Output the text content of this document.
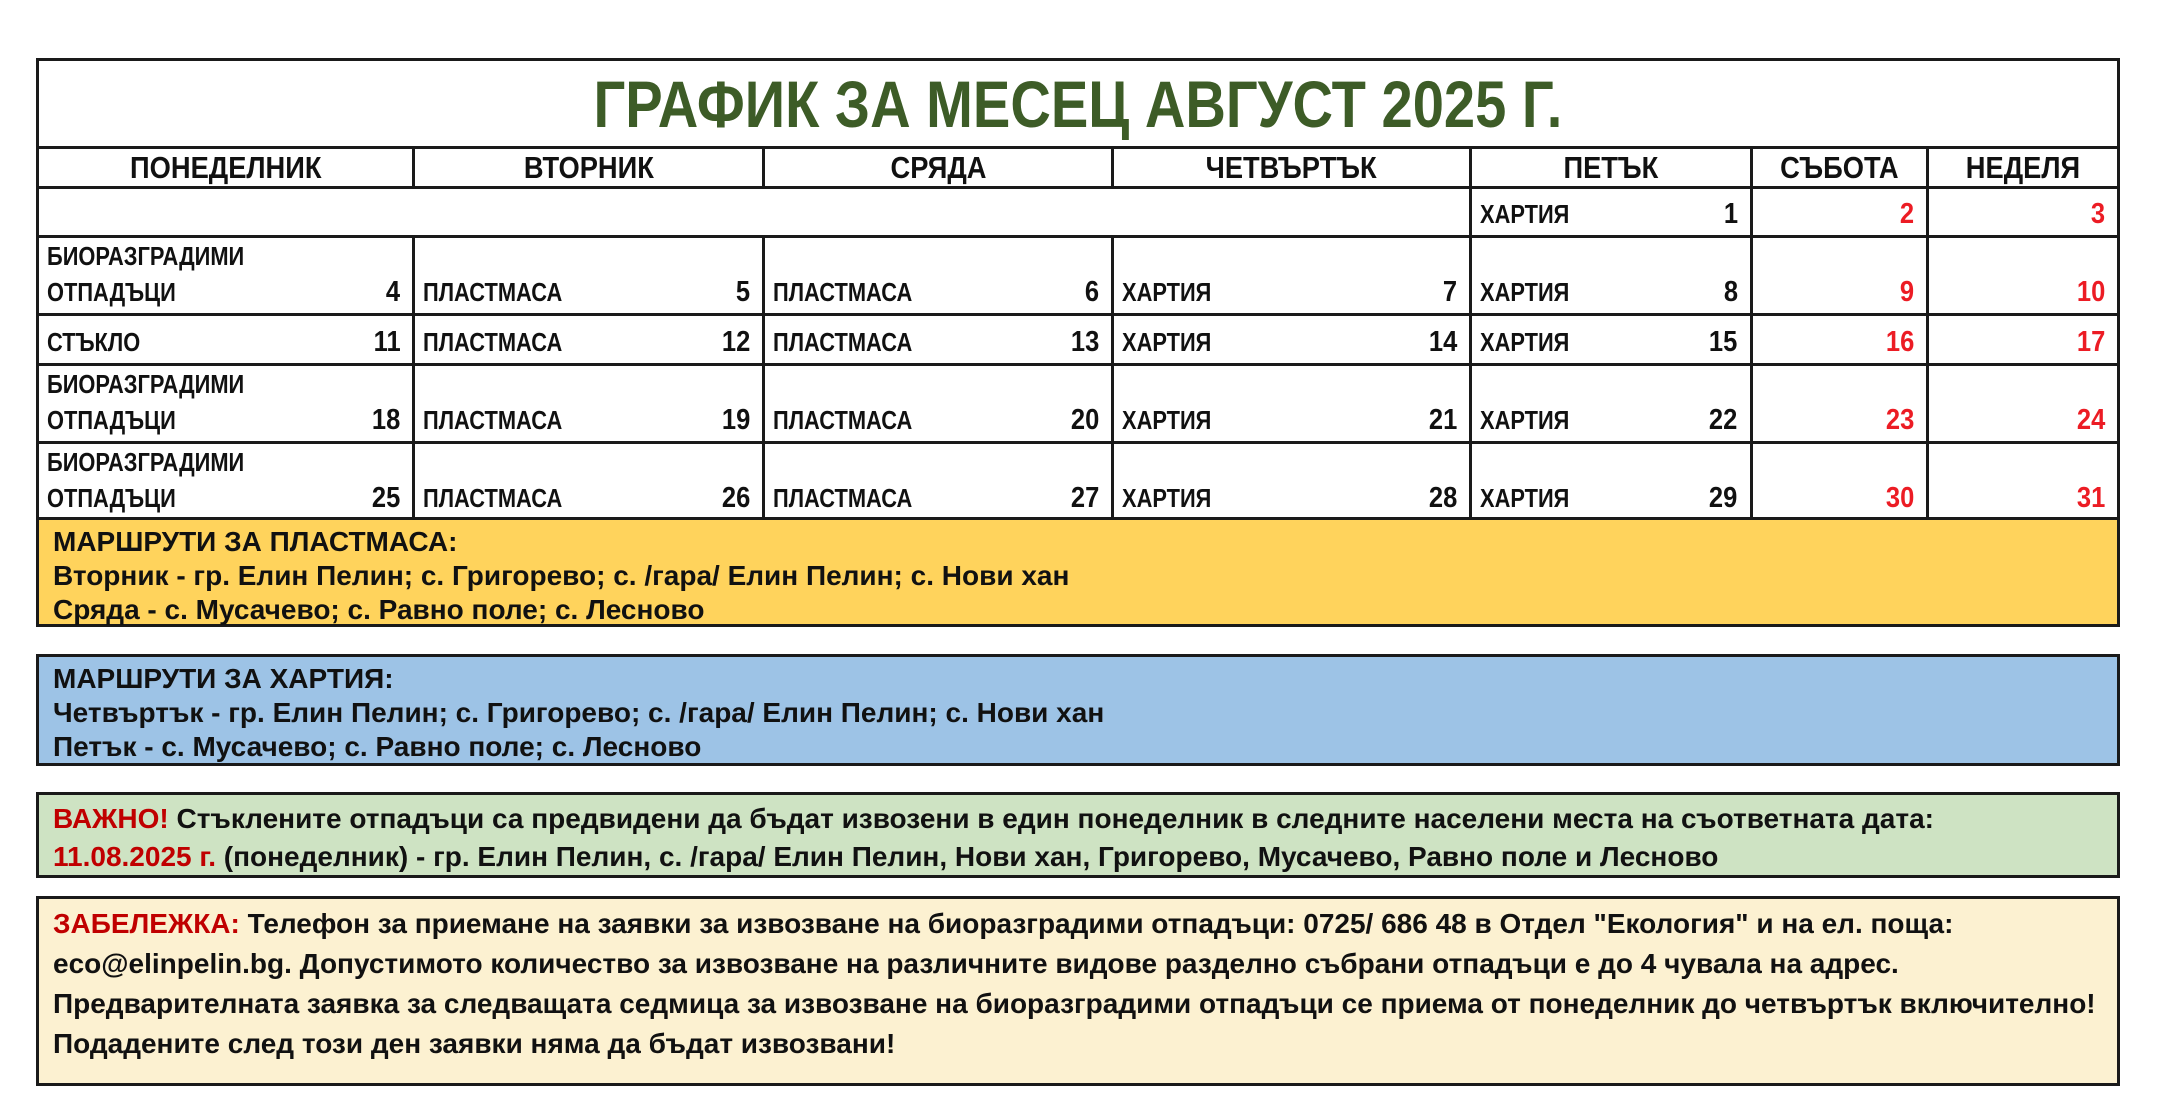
ГРАФИК ЗА МЕСЕЦ АВГУСТ 2025 Г.						

ПОНЕДЕЛНИК	ВТОРНИК	СРЯДА	ЧЕТВЪРТЪК	ПЕТЪК	СЪБОТА	НЕДЕЛЯ

				ХАРТИЯ 1	2	3

БИОРАЗГРАДИМИ
ОТПАДЪЦИ	4	ПЛАСТМАСА	5	ПЛАСТМАСА	6	ХАРТИЯ	7	ХАРТИЯ	8	9	10

СТЪКЛО 11	ПЛАСТМАСА 12	ПЛАСТМАСА 13	ХАРТИЯ 14	ХАРТИЯ 15	16	17

БИОРАЗГРАДИМИ
ОТПАДЪЦИ	18	ПЛАСТМАСА	19	ПЛАСТМАСА	20	ХАРТИЯ	21	ХАРТИЯ	22	23	24

БИОРАЗГРАДИМИ
ОТПАДЪЦИ	25	ПЛАСТМАСА	26	ПЛАСТМАСА	27	ХАРТИЯ	28	ХАРТИЯ	29	30	31
МАРШРУТИ ЗА ПЛАСТМАСА:
Вторник - гр. Елин Пелин; с. Григорево; с. /гара/ Елин Пелин; с. Нови хан
Сряда - с. Мусачево; с. Равно поле; с. Лесново
МАРШРУТИ ЗА ХАРТИЯ:
Четвъртък - гр. Елин Пелин; с. Григорево; с. /гара/ Елин Пелин; с. Нови хан
Петък - с. Мусачево; с. Равно поле; с. Лесново
ВАЖНО! Стъклените отпадъци са предвидени да бъдат извозени в един понеделник в следните населени места на съответната дата:
11.08.2025 г. (понеделник) - гр. Елин Пелин, с. /гара/ Елин Пелин, Нови хан, Григорево, Мусачево, Равно поле и Лесново
ЗАБЕЛЕЖКА: Телефон за приемане на заявки за извозване на биоразградими отпадъци: 0725/ 686 48 в Отдел "Екология" и на ел. поща: eco@elinpelin.bg. Допустимото количество за извозване на различните видове разделно събрани отпадъци е до 4 чувала на адрес. Предварителната заявка за следващата седмица за извозване на биоразградими отпадъци се приема от понеделник до четвъртък включително! Подадените след този ден заявки няма да бъдат извозвани!
